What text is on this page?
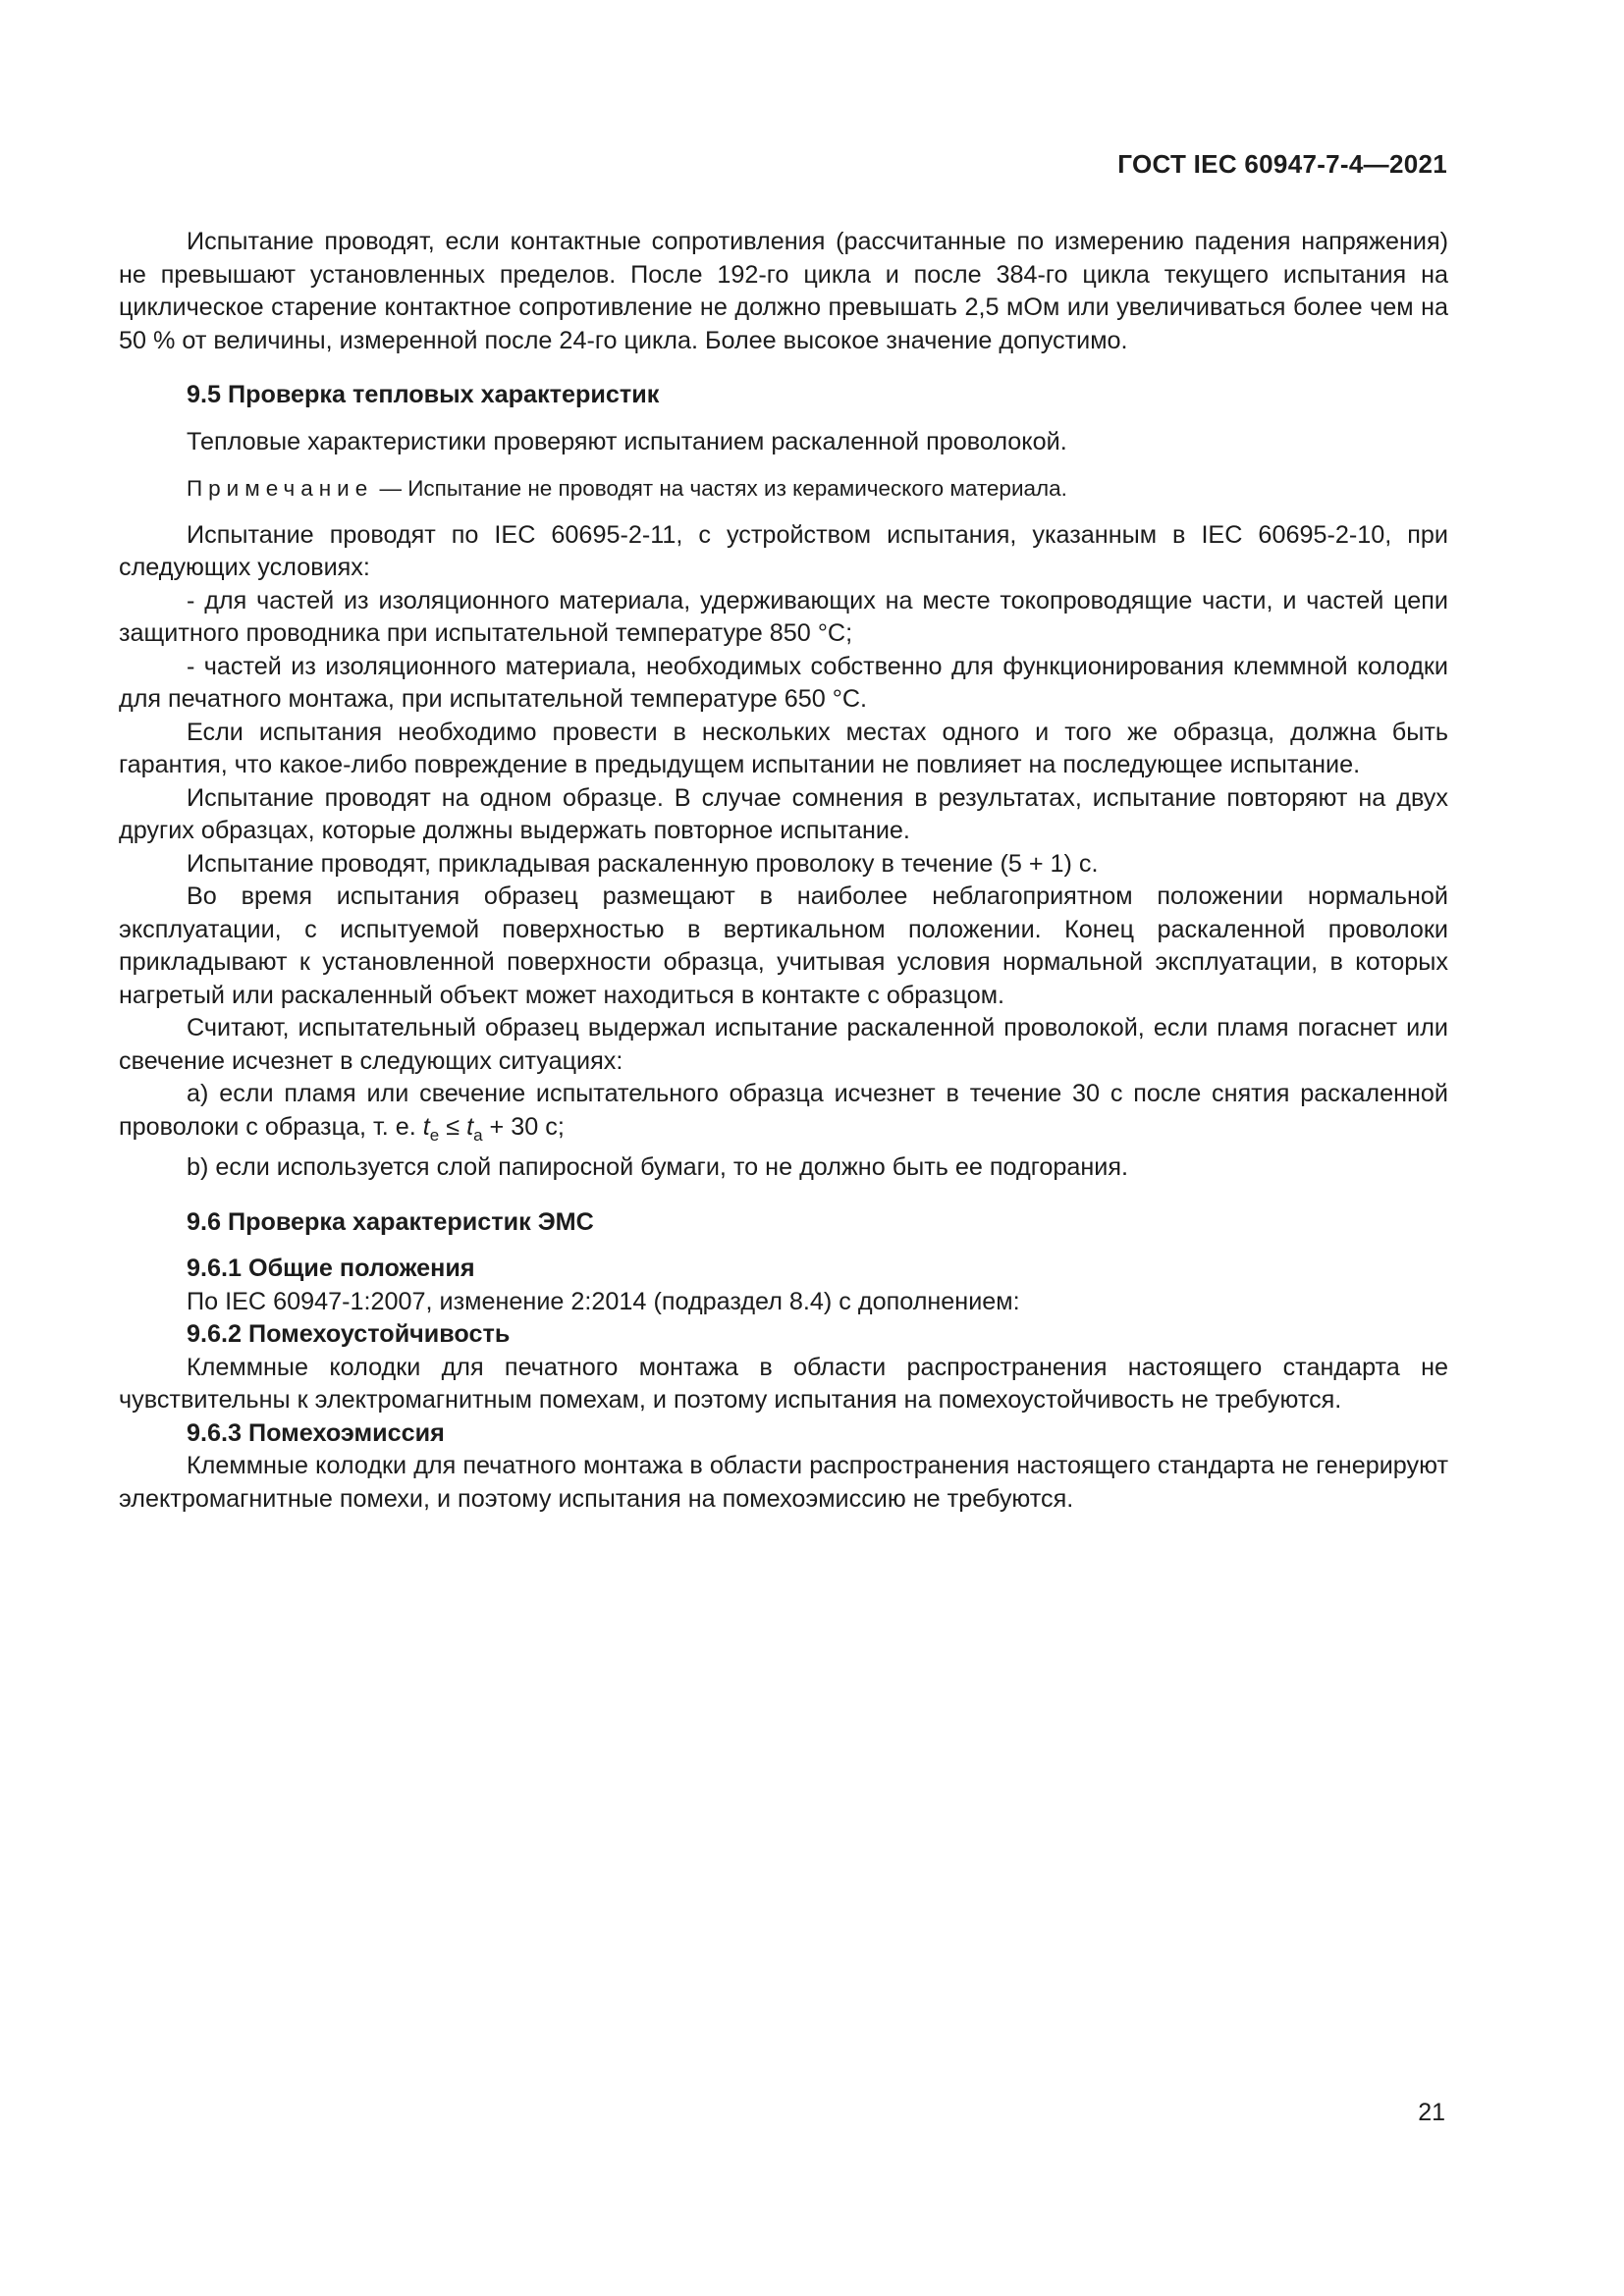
ГОСТ IEC 60947-7-4—2021

Испытание проводят, если контактные сопротивления (рассчитанные по измерению падения напряжения) не превышают установленных пределов. После 192-го цикла и после 384-го цикла текущего испытания на циклическое старение контактное сопротивление не должно превышать 2,5 мОм или увеличиваться более чем на 50 % от величины, измеренной после 24-го цикла. Более высокое значение допустимо.

9.5 Проверка тепловых характеристик

Тепловые характеристики проверяют испытанием раскаленной проволокой.

Примечание — Испытание не проводят на частях из керамического материала.

Испытание проводят по IEC 60695-2-11, с устройством испытания, указанным в IEC 60695-2-10, при следующих условиях:

- для частей из изоляционного материала, удерживающих на месте токопроводящие части, и частей цепи защитного проводника при испытательной температуре 850 °С;

- частей из изоляционного материала, необходимых собственно для функционирования клеммной колодки для печатного монтажа, при испытательной температуре 650 °С.

Если испытания необходимо провести в нескольких местах одного и того же образца, должна быть гарантия, что какое-либо повреждение в предыдущем испытании не повлияет на последующее испытание.

Испытание проводят на одном образце. В случае сомнения в результатах, испытание повторяют на двух других образцах, которые должны выдержать повторное испытание.

Испытание проводят, прикладывая раскаленную проволоку в течение (5 + 1) с.

Во время испытания образец размещают в наиболее неблагоприятном положении нормальной эксплуатации, с испытуемой поверхностью в вертикальном положении. Конец раскаленной проволоки прикладывают к установленной поверхности образца, учитывая условия нормальной эксплуатации, в которых нагретый или раскаленный объект может находиться в контакте с образцом.

Считают, испытательный образец выдержал испытание раскаленной проволокой, если пламя погаснет или свечение исчезнет в следующих ситуациях:

а) если пламя или свечение испытательного образца исчезнет в течение 30 с после снятия раскаленной проволоки с образца, т. е. $t_e \le t_a + 30$ с;

b) если используется слой папиросной бумаги, то не должно быть ее подгорания.

9.6 Проверка характеристик ЭМС

9.6.1 Общие положения

По IEC 60947-1:2007, изменение 2:2014 (подраздел 8.4) с дополнением:

9.6.2 Помехоустойчивость

Клеммные колодки для печатного монтажа в области распространения настоящего стандарта не чувствительны к электромагнитным помехам, и поэтому испытания на помехоустойчивость не требуются.

9.6.3 Помехоэмиссия

Клеммные колодки для печатного монтажа в области распространения настоящего стандарта не генерируют электромагнитные помехи, и поэтому испытания на помехоэмиссию не требуются.

21
